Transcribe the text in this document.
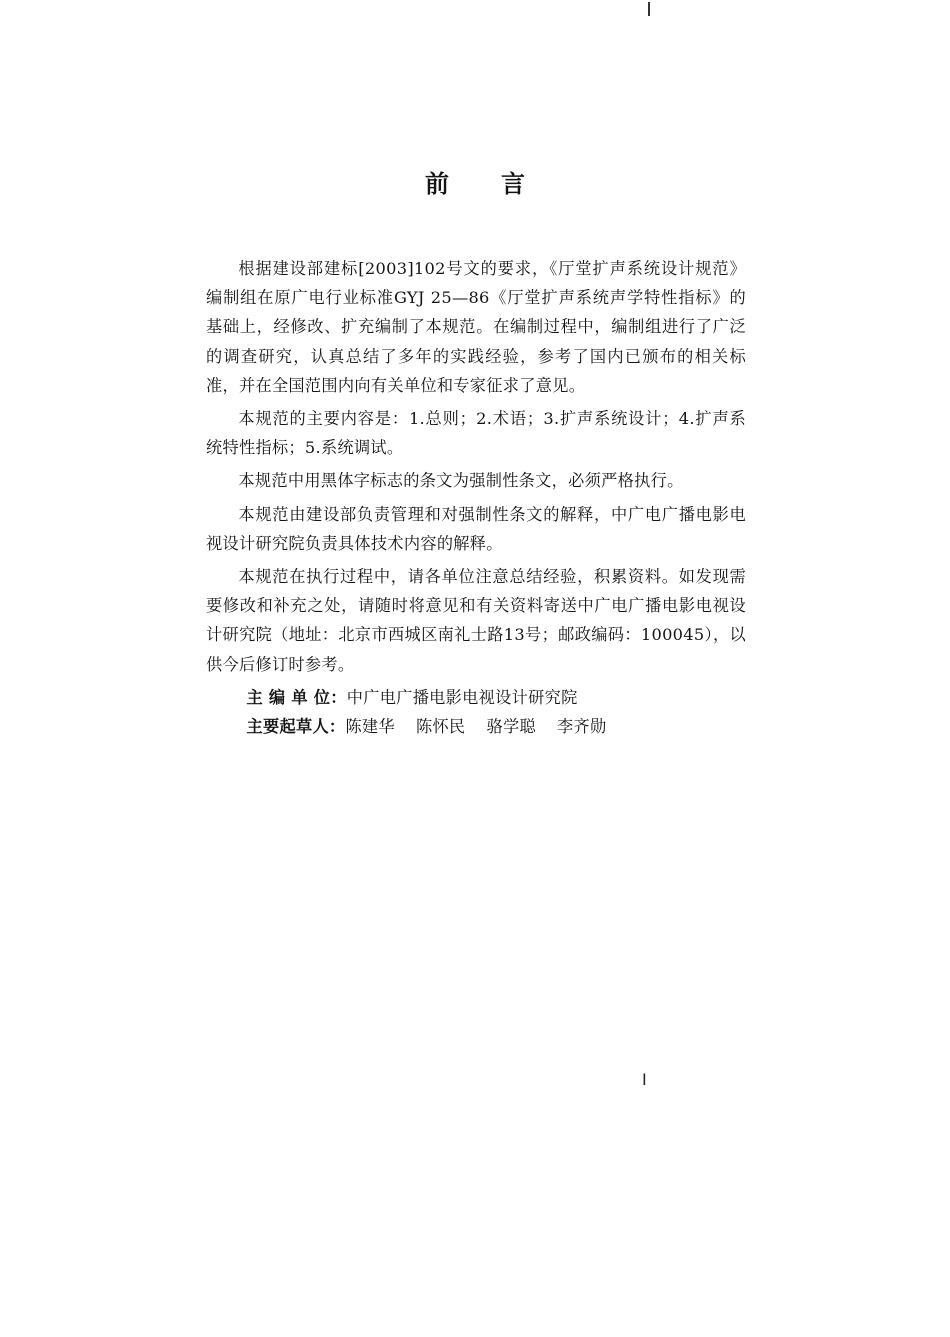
前 言

根据建设部建标[2003]102号文的要求，《厅堂扩声系统设计规范》编制组在原广电行业标准GYJ 25—86《厅堂扩声系统声学特性指标》的基础上，经修改、扩充编制了本规范。在编制过程中，编制组进行了广泛的调查研究，认真总结了多年的实践经验，参考了国内已颁布的相关标准，并在全国范围内向有关单位和专家征求了意见。

本规范的主要内容是：1.总则；2.术语；3.扩声系统设计；4.扩声系统特性指标；5.系统调试。

本规范中用黑体字标志的条文为强制性条文，必须严格执行。

本规范由建设部负责管理和对强制性条文的解释，中广电广播电影电视设计研究院负责具体技术内容的解释。

本规范在执行过程中，请各单位注意总结经验，积累资料。如发现需要修改和补充之处，请随时将意见和有关资料寄送中广电广播电影电视设计研究院（地址：北京市西城区南礼士路13号；邮政编码：100045），以供今后修订时参考。

主 编 单 位：中广电广播电影电视设计研究院
主要起草人：陈建华 陈怀民 骆学聪 李齐勋
Ⅰ
